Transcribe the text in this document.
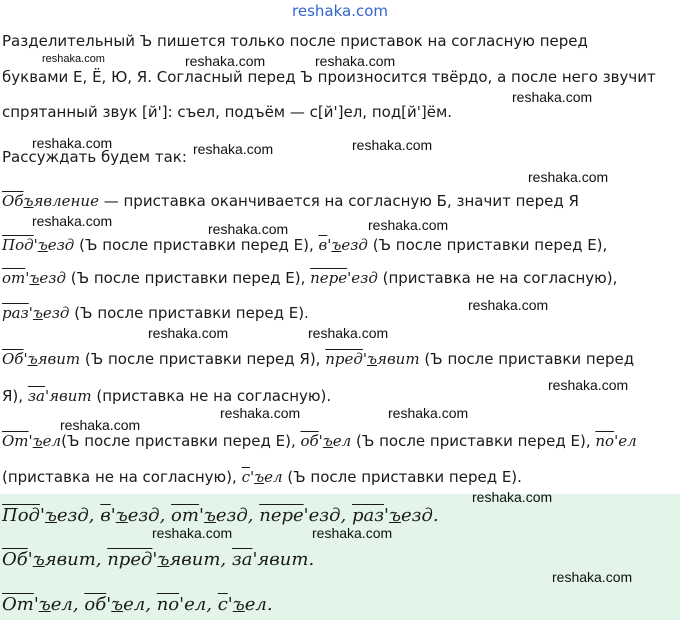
reshaka.com
Разделительный Ъ пишется только после приставок на согласную перед
буквами Е, Ё, Ю, Я. Согласный перед Ъ произносится твёрдо, а после него звучит
спрятанный звук [й']: съел, подъём — с[й']ел, под[й']ём.
Рассуждать будем так:
Объявление — приставка оканчивается на согласную Б, значит перед Я
Под'ъезд (Ъ после приставки перед Е), в'ъезд (Ъ после приставки перед Е),
от'ъезд (Ъ после приставки перед Е), пере'езд (приставка не на согласную),
раз'ъезд (Ъ после приставки перед Е).
Об'ъявит (Ъ после приставки перед Я), пред'ъявит (Ъ после приставки перед
Я), за'явит (приставка не на согласную).
От'ъел(Ъ после приставки перед Е), об'ъел (Ъ после приставки перед Е), по'ел
(приставка не на согласную), с'ъел (Ъ после приставки перед Е).
Под'ъезд, в'ъезд, от'ъезд, пере'езд, раз'ъезд.
Об'ъявит, пред'ъявит, за'явит.
От'ъел, об'ъел, по'ел, с'ъел.
reshaka.com	reshaka.com	reshaka.com
reshaka.com
reshaka.com	reshaka.com	reshaka.com
reshaka.com
reshaka.com	reshaka.com	reshaka.com
reshaka.com
reshaka.com	reshaka.com
reshaka.com
reshaka.com
reshaka.com	reshaka.com
reshaka.com
reshaka.com	reshaka.com
reshaka.com
